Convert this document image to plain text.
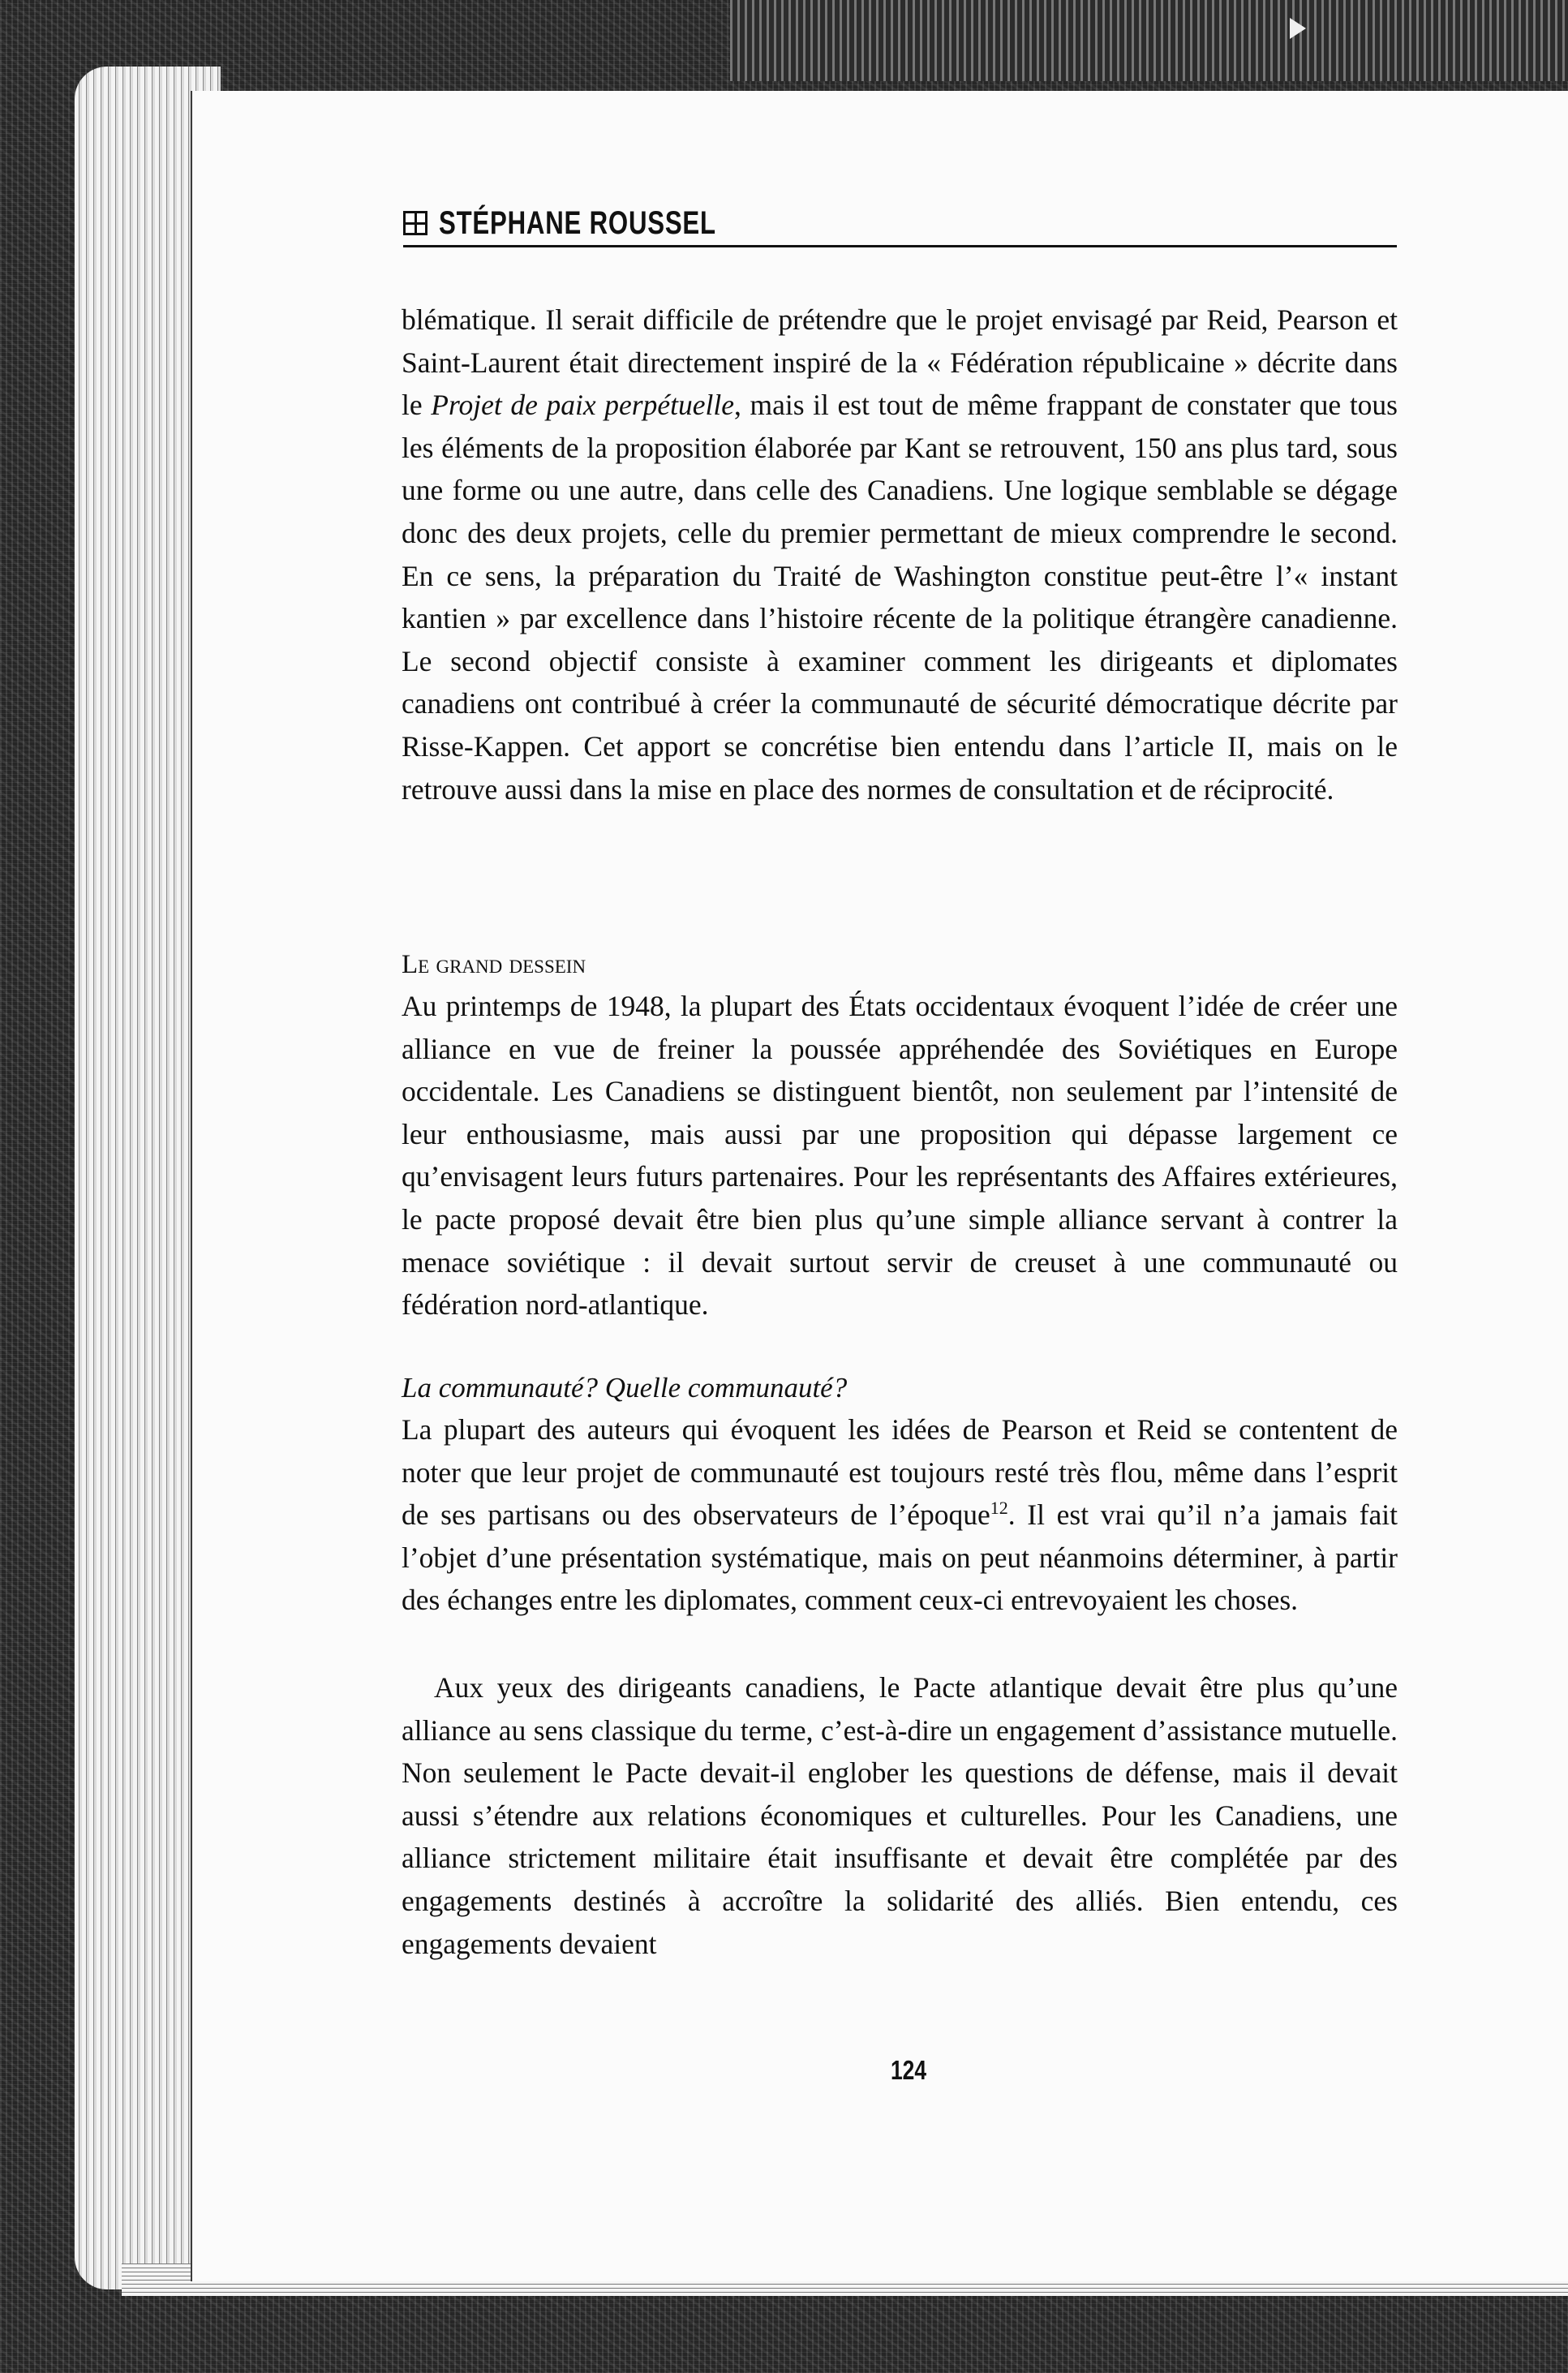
STÉPHANE ROUSSEL

blématique. Il serait difficile de prétendre que le projet envisagé par Reid, Pearson et Saint-Laurent était directement inspiré de la « Fédération républicaine » décrite dans le Projet de paix perpétuelle, mais il est tout de même frappant de constater que tous les éléments de la proposition élaborée par Kant se retrouvent, 150 ans plus tard, sous une forme ou une autre, dans celle des Canadiens. Une logique semblable se dégage donc des deux projets, celle du premier permettant de mieux comprendre le second. En ce sens, la préparation du Traité de Washington constitue peut-être l’« instant kantien » par excellence dans l’histoire récente de la politique étrangère canadienne. Le second objectif consiste à examiner comment les dirigeants et diplomates canadiens ont contribué à créer la communauté de sécurité démocratique décrite par Risse-Kappen. Cet apport se concrétise bien entendu dans l’article II, mais on le retrouve aussi dans la mise en place des normes de consultation et de réciprocité.

Le grand dessein

Au printemps de 1948, la plupart des États occidentaux évoquent l’idée de créer une alliance en vue de freiner la poussée appréhendée des Soviétiques en Europe occidentale. Les Canadiens se distinguent bientôt, non seulement par l’intensité de leur enthousiasme, mais aussi par une proposition qui dépasse largement ce qu’envisagent leurs futurs partenaires. Pour les représentants des Affaires extérieures, le pacte proposé devait être bien plus qu’une simple alliance servant à contrer la menace soviétique : il devait surtout servir de creuset à une communauté ou fédération nord-atlantique.

La communauté? Quelle communauté?

La plupart des auteurs qui évoquent les idées de Pearson et Reid se contentent de noter que leur projet de communauté est toujours resté très flou, même dans l’esprit de ses partisans ou des observateurs de l’époque$^{12}$. Il est vrai qu’il n’a jamais fait l’objet d’une présentation systématique, mais on peut néanmoins déterminer, à partir des échanges entre les diplomates, comment ceux-ci entrevoyaient les choses.

Aux yeux des dirigeants canadiens, le Pacte atlantique devait être plus qu’une alliance au sens classique du terme, c’est-à-dire un engagement d’assistance mutuelle. Non seulement le Pacte devait-il englober les questions de défense, mais il devait aussi s’étendre aux relations économiques et culturelles. Pour les Canadiens, une alliance strictement militaire était insuffisante et devait être complétée par des engagements destinés à accroître la solidarité des alliés. Bien entendu, ces engagements devaient

124
